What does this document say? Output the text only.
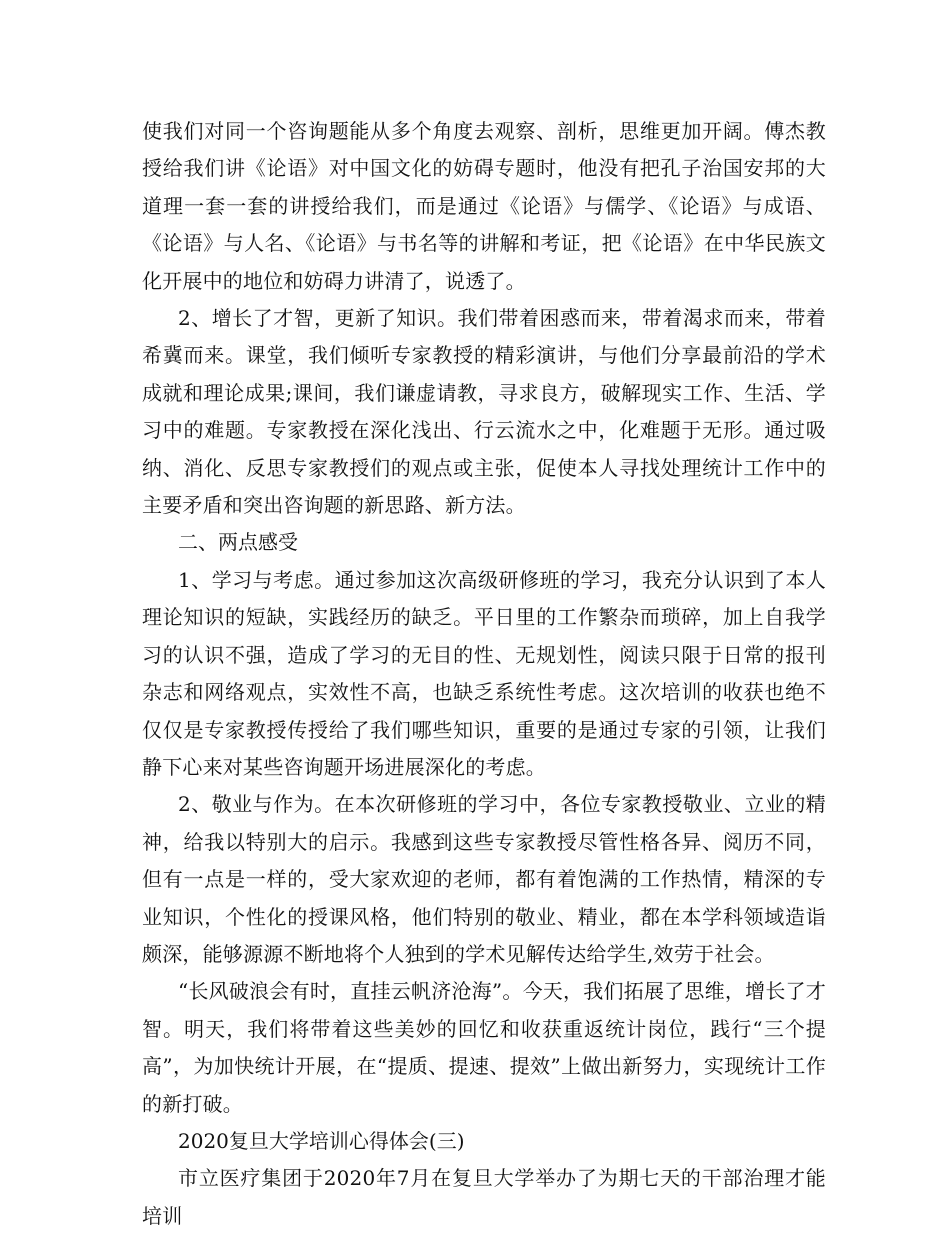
使我们对同一个咨询题能从多个角度去观察、剖析，思维更加开阔。傅杰教授给我们讲《论语》对中国文化的妨碍专题时，他没有把孔子治国安邦的大道理一套一套的讲授给我们，而是通过《论语》与儒学、《论语》与成语、《论语》与人名、《论语》与书名等的讲解和考证，把《论语》在中华民族文化开展中的地位和妨碍力讲清了，说透了。

2、增长了才智，更新了知识。我们带着困惑而来，带着渴求而来，带着希冀而来。课堂，我们倾听专家教授的精彩演讲，与他们分享最前沿的学术成就和理论成果;课间，我们谦虚请教，寻求良方，破解现实工作、生活、学习中的难题。专家教授在深化浅出、行云流水之中，化难题于无形。通过吸纳、消化、反思专家教授们的观点或主张，促使本人寻找处理统计工作中的主要矛盾和突出咨询题的新思路、新方法。

二、两点感受

1、学习与考虑。通过参加这次高级研修班的学习，我充分认识到了本人理论知识的短缺，实践经历的缺乏。平日里的工作繁杂而琐碎，加上自我学习的认识不强，造成了学习的无目的性、无规划性，阅读只限于日常的报刊杂志和网络观点，实效性不高，也缺乏系统性考虑。这次培训的收获也绝不仅仅是专家教授传授给了我们哪些知识，重要的是通过专家的引领，让我们静下心来对某些咨询题开场进展深化的考虑。

2、敬业与作为。在本次研修班的学习中，各位专家教授敬业、立业的精神，给我以特别大的启示。我感到这些专家教授尽管性格各异、阅历不同，但有一点是一样的，受大家欢迎的老师，都有着饱满的工作热情，精深的专业知识，个性化的授课风格，他们特别的敬业、精业，都在本学科领域造诣颇深，能够源源不断地将个人独到的学术见解传达给学生,效劳于社会。

“长风破浪会有时，直挂云帆济沧海”。今天，我们拓展了思维，增长了才智。明天，我们将带着这些美妙的回忆和收获重返统计岗位，践行“三个提高”，为加快统计开展，在“提质、提速、提效”上做出新努力，实现统计工作的新打破。

2020复旦大学培训心得体会(三)

市立医疗集团于2020年7月在复旦大学举办了为期七天的干部治理才能培训
